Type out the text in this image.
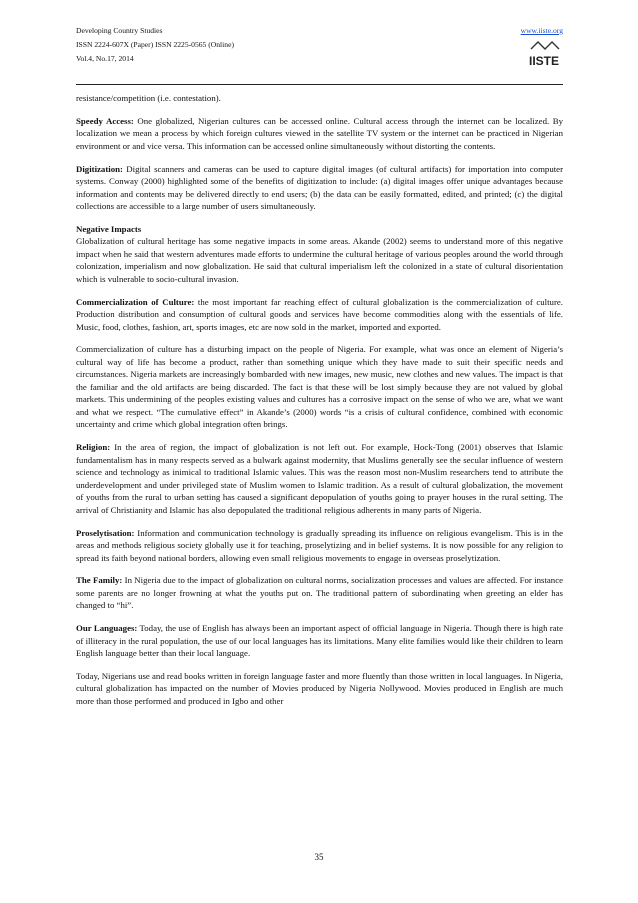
Developing Country Studies
ISSN 2224-607X (Paper) ISSN 2225-0565 (Online)
Vol.4, No.17, 2014
www.iiste.org
IISTE

resistance/competition (i.e. contestation).

Speedy Access: One globalized, Nigerian cultures can be accessed online. Cultural access through the internet can be localized. By localization we mean a process by which foreign cultures viewed in the satellite TV system or the internet can be practiced in Nigerian environment or and vice versa. This information can be accessed online simultaneously without distorting the contents.

Digitization: Digital scanners and cameras can be used to capture digital images (of cultural artifacts) for importation into computer systems. Conway (2000) highlighted some of the benefits of digitization to include: (a) digital images offer unique advantages because information and contents may be delivered directly to end users; (b) the data can be easily formatted, edited, and printed; (c) the digital collections are accessible to a large number of users simultaneously.

Negative Impacts
Globalization of cultural heritage has some negative impacts in some areas. Akande (2002) seems to understand more of this negative impact when he said that western adventures made efforts to undermine the cultural heritage of various peoples around the world through colonization, imperialism and now globalization. He said that cultural imperialism left the colonized in a state of cultural disorientation which is vulnerable to socio-cultural invasion.

Commercialization of Culture: the most important far reaching effect of cultural globalization is the commercialization of culture. Production distribution and consumption of cultural goods and services have become commodities along with the essentials of life. Music, food, clothes, fashion, art, sports images, etc are now sold in the market, imported and exported.

Commercialization of culture has a disturbing impact on the people of Nigeria. For example, what was once an element of Nigeria’s cultural way of life has become a product, rather than something unique which they have made to suit their specific needs and circumstances. Nigeria markets are increasingly bombarded with new images, new music, new clothes and new values. The impact is that the familiar and the old artifacts are being discarded. The fact is that these will be lost simply because they are not valued by global markets. This undermining of the peoples existing values and cultures has a corrosive impact on the sense of who we are, what we want and what we respect. “The cumulative effect” in Akande’s (2000) words “is a crisis of cultural confidence, combined with economic uncertainty and crime which global integration often brings.

Religion: In the area of region, the impact of globalization is not left out. For example, Hock-Tong (2001) observes that Islamic fundamentalism has in many respects served as a bulwark against modernity, that Muslims generally see the secular influence of western science and technology as inimical to traditional Islamic values. This was the reason most non-Muslim researchers tend to attribute the underdevelopment and under privileged state of Muslim women to Islamic tradition. As a result of cultural globalization, the movement of youths from the rural to urban setting has caused a significant depopulation of youths going to prayer houses in the rural setting. The arrival of Christianity and Islamic has also depopulated the traditional religious adherents in many parts of Nigeria.

Proselytisation: Information and communication technology is gradually spreading its influence on religious evangelism. This is in the areas and methods religious society globally use it for teaching, proselytizing and in belief systems. It is now possible for any religion to spread its faith beyond national borders, allowing even small religious movements to engage in overseas proselytization.

The Family: In Nigeria due to the impact of globalization on cultural norms, socialization processes and values are affected. For instance some parents are no longer frowning at what the youths put on. The traditional pattern of subordinating when greeting an elder has changed to “hi”.

Our Languages: Today, the use of English has always been an important aspect of official language in Nigeria. Though there is high rate of illiteracy in the rural population, the use of our local languages has its limitations. Many elite families would like their children to learn English language better than their local language.

Today, Nigerians use and read books written in foreign language faster and more fluently than those written in local languages. In Nigeria, cultural globalization has impacted on the number of Movies produced by Nigeria Nollywood. Movies produced in English are much more than those performed and produced in Igbo and other

35
